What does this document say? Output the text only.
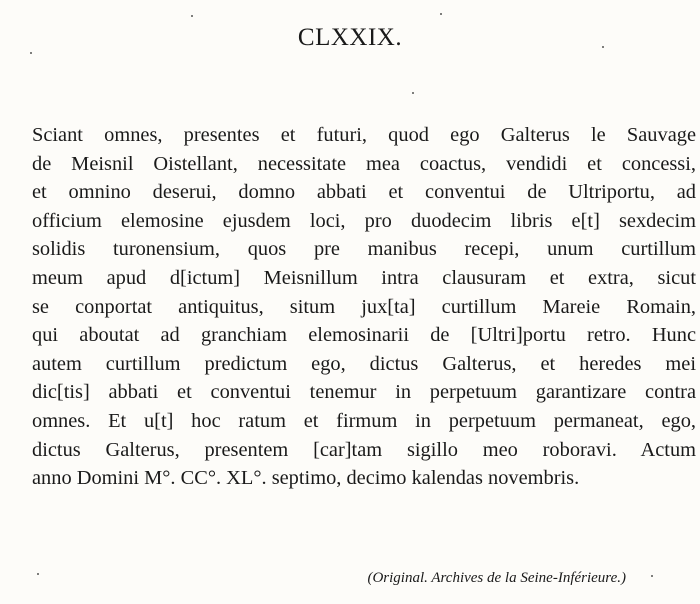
CLXXIX.
Sciant omnes, presentes et futuri, quod ego Galterus le Sauvage
de Meisnil Oistellant, necessitate mea coactus, vendidi et concessi,
et omnino deserui, domno abbati et conventui de Ultriportu, ad
officium elemosine ejusdem loci, pro duodecim libris e[t] sexdecim
solidis turonensium, quos pre manibus recepi, unum curtillum
meum apud d[ictum] Meisnillum intra clausuram et extra, sicut
se conportat antiquitus, situm jux[ta] curtillum Mareie Romain,
qui aboutat ad granchiam elemosinarii de [Ultri]portu retro. Hunc
autem curtillum predictum ego, dictus Galterus, et heredes mei
dic[tis] abbati et conventui tenemur in perpetuum garantizare contra
omnes. Et u[t] hoc ratum et firmum in perpetuum permaneat, ego,
dictus Galterus, presentem [car]tam sigillo meo roboravi. Actum
anno Domini M°. CC°. XL°. septimo, decimo kalendas novembris.
(Original. Archives de la Seine-Inférieure.)
